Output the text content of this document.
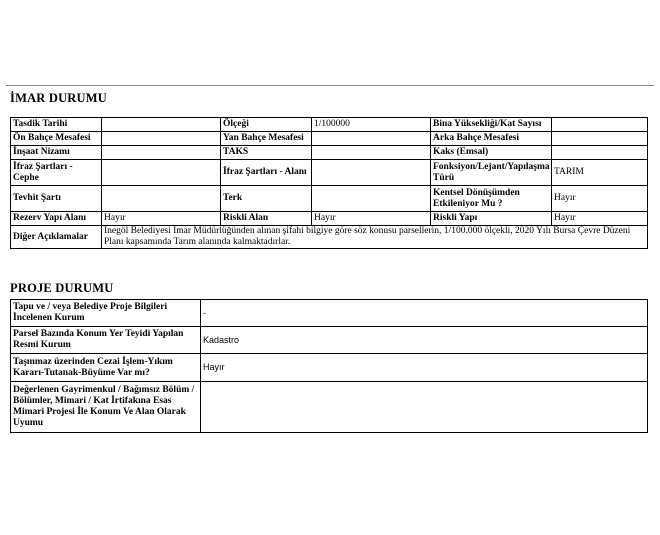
İMAR DURUMU
Tasdik Tarihi		Ölçeği	1/100000	Bina Yüksekliği/Kat Sayısı	
Ön Bahçe Mesafesi		Yan Bahçe Mesafesi		Arka Bahçe Mesafesi	
İnşaat Nizamı		TAKS		Kaks (Emsal)	
İfraz Şartları - Cephe		İfraz Şartları - Alanı		Fonksiyon/Lejant/Yapılaşma Türü	TARIM
Tevhit Şartı		Terk		Kentsel Dönüşümden Etkileniyor Mu ?	Hayır
Rezerv Yapı Alanı	Hayır	Riskli Alan	Hayır	Riskli Yapı	Hayır
Diğer Açıklamalar	İnegöl Belediyesi İmar Müdürlüğünden alınan şifahi bilgiye göre söz konusu parsellerin, 1/100.000 ölçekli, 2020 Yılı Bursa Çevre Düzeni Planı kapsamında Tarım alanında kalmaktadırlar.				
PROJE DURUMU
Tapu ve / veya Belediye Proje Bilgileri İncelenen Kurum	-
Parsel Bazında Konum Yer Teyidi Yapılan Resmi Kurum	Kadastro
Taşınmaz üzerinden Cezai İşlem-Yıkım Kararı-Tutanak-Büyüme Var mı?	Hayır
Değerlenen Gayrimenkul / Bağımsız Bölüm / Bölümler, Mimari / Kat İrtifakına Esas Mimari Projesi İle Konum Ve Alan Olarak Uyumu	
